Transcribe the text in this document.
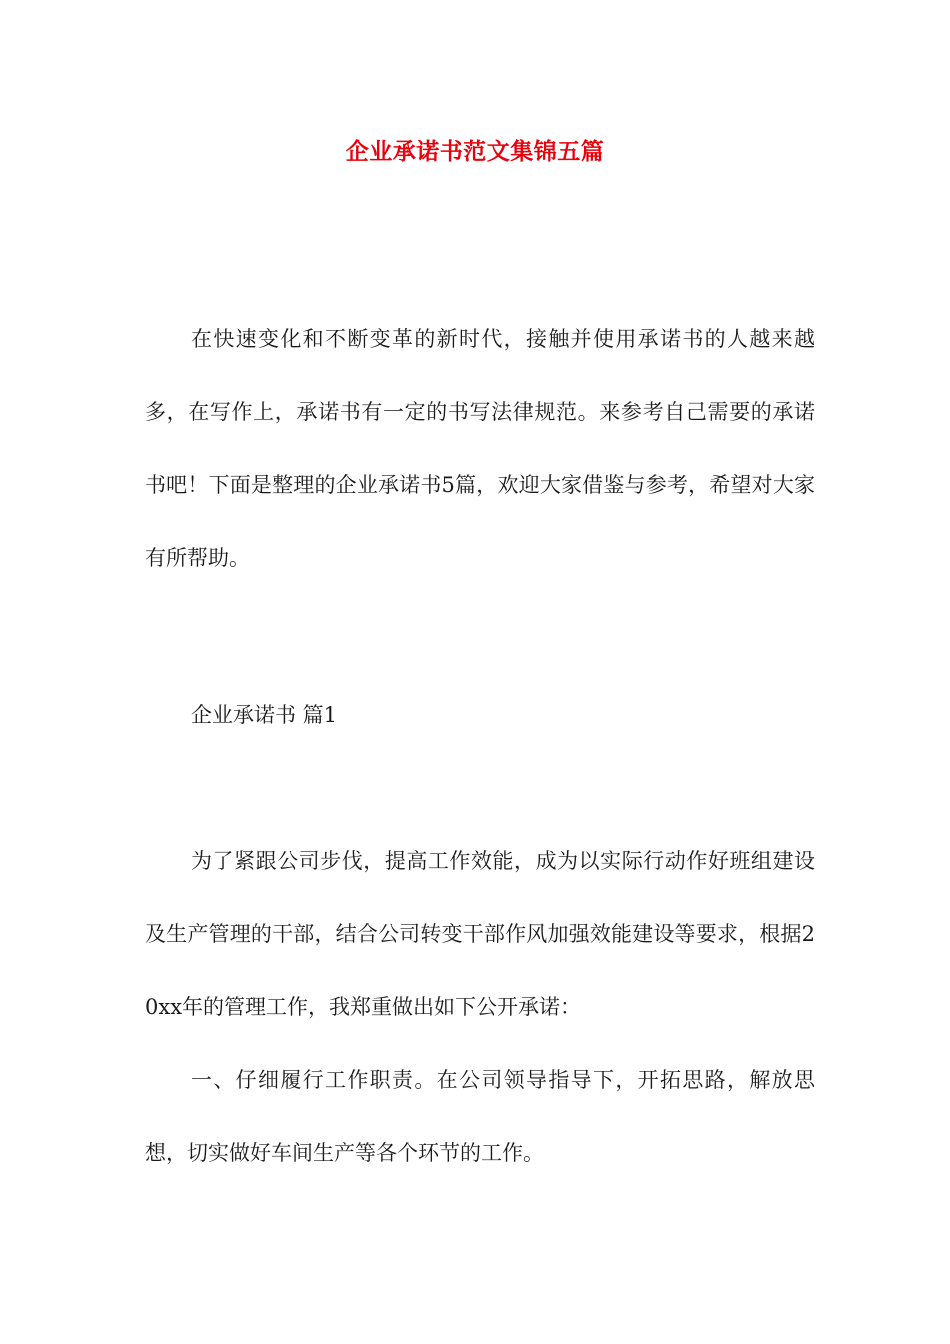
企业承诺书范文集锦五篇

在快速变化和不断变革的新时代，接触并使用承诺书的人越来越多，在写作上，承诺书有一定的书写法律规范。来参考自己需要的承诺书吧！下面是整理的企业承诺书5篇，欢迎大家借鉴与参考，希望对大家有所帮助。

企业承诺书 篇1

为了紧跟公司步伐，提高工作效能，成为以实际行动作好班组建设及生产管理的干部，结合公司转变干部作风加强效能建设等要求，根据20xx年的管理工作，我郑重做出如下公开承诺：

一、仔细履行工作职责。在公司领导指导下，开拓思路，解放思想，切实做好车间生产等各个环节的工作。
